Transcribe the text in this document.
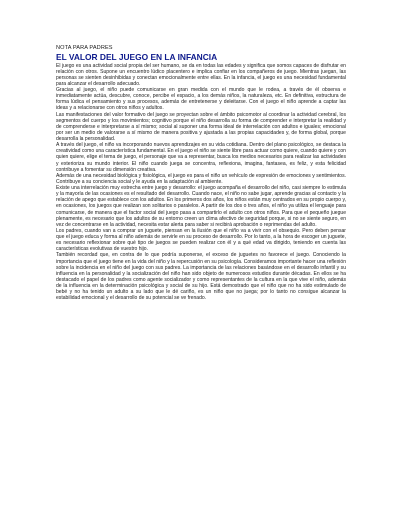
NOTA PARA PADRES

EL VALOR DEL JUEGO EN LA INFANCIA

El juego es una actividad social propia del ser humano, se da en todas las edades y significa que somos capaces de disfrutar en relación con otros. Supone un encuentro lúdico placentero e implica confiar en los compañeros de juego. Mientras juegan, las personas se sienten desinhibidas y conectan emocionalmente entre ellas. En la infancia, el juego es una necesidad fundamental para alcanzar el desarrollo adecuado.

Gracias al juego, el niño puede comunicarse en gran medida con el mundo que le rodea, a través de él observa e inmediatamente actúa, descubre, conoce, percibe el espacio, a los demás niños, la naturaleza, etc. En definitiva, estructura de forma lúdica el pensamiento y sus procesos, además de entretenerse y deleitarse. Con el juego el niño aprende a captar las ideas y a relacionarse con otros niños y adultos.

Las manifestaciones del valor formativo del juego se proyectan sobre el ámbito psicomotor al coordinar la actividad cerebral, los segmentos del cuerpo y los movimientos; cognitivo porque el niño desarrolla su forma de comprender e interpretar la realidad y de comprenderse e interpretarse a sí mismo; social al suponer una forma ideal de interrelación con adultos e iguales; emocional por ser un medio de valorarse a sí mismo de manera positiva y ajustada a las propias capacidades y, de forma global, porque desarrolla la personalidad.

A través del juego, el niño va incorporando nuevos aprendizajes en su vida cotidiana. Dentro del plano psicológico, se destaca la creatividad como una característica fundamental. En el juego el niño se siente libre para actuar como quiere, cuando quiere y con quien quiere, elige el tema de juego, el personaje que va a representar, busca los medios necesarios para realizar las actividades y exterioriza su mundo interior. El niño cuando juega se concentra, reflexiona, imagina, fantasea, es feliz, y esta felicidad contribuye a fomentar su dimensión creativa.

Además de una necesidad biológica y fisiológica, el juego es para el niño un vehículo de expresión de emociones y sentimientos. Contribuye a su conciencia social y le ayuda en la adaptación al ambiente.

Existe una interrelación muy estrecha entre juego y desarrollo: el juego acompaña el desarrollo del niño, casi siempre lo estimula y la mayoría de las ocasiones es el resultado del desarrollo. Cuando nace, el niño no sabe jugar, aprende gracias al contacto y la relación de apego que establece con los adultos. En los primeros dos años, los niños están muy centrados en su propio cuerpo y, en ocasiones, los juegos que realizan son solitarios o paralelos. A partir de los dos o tres años, el niño ya utiliza el lenguaje para comunicarse, de manera que el factor social del juego pasa a compartirlo el adulto con otros niños. Para que el pequeño juegue plenamente, es necesario que los adultos de su entorno creen un clima afectivo de seguridad porque, si no se siente seguro, en vez de concentrarse en la actividad, necesita estar alerta para saber si recibirá aprobación o reprimendas del adulto.

Los padres, cuando van a comprar un juguete, piensan en la ilusión que el niño va a vivir con el obsequio. Pero deben pensar que el juego educa y forma al niño además de servirle en su proceso de desarrollo. Por lo tanto, a la hora de escoger un juguete, es necesario reflexionar sobre qué tipo de juegos se pueden realizar con él y a qué edad va dirigido, teniendo en cuenta las características evolutivas de vuestro hijo.

También recordad que, en contra de lo que podría suponerse, el exceso de juguetes no favorece el juego. Conociendo la importancia que el juego tiene en la vida del niño y la repercusión en su psicología. Consideramos importante hacer una reflexión sobre la incidencia en el niño del juego con sus padres. La importancia de las relaciones basándose en el desarrollo infantil y su influencia en la personalidad y la socialización del niño han sido objeto de numerosos estudios durante décadas. En ellos se ha destacado el papel de los padres como agente socializador y como representantes de la cultura en la que vive el niño, además de la influencia en la determinación psicológica y social de su hijo. Está demostrado que el niño que no ha sido estimulado de bebé y no ha tenido un adulto a su lado que le dé cariño, es un niño que no juega; por lo tanto no consigue alcanzar la estabilidad emocional y el desarrollo de su potencial se ve frenado.
